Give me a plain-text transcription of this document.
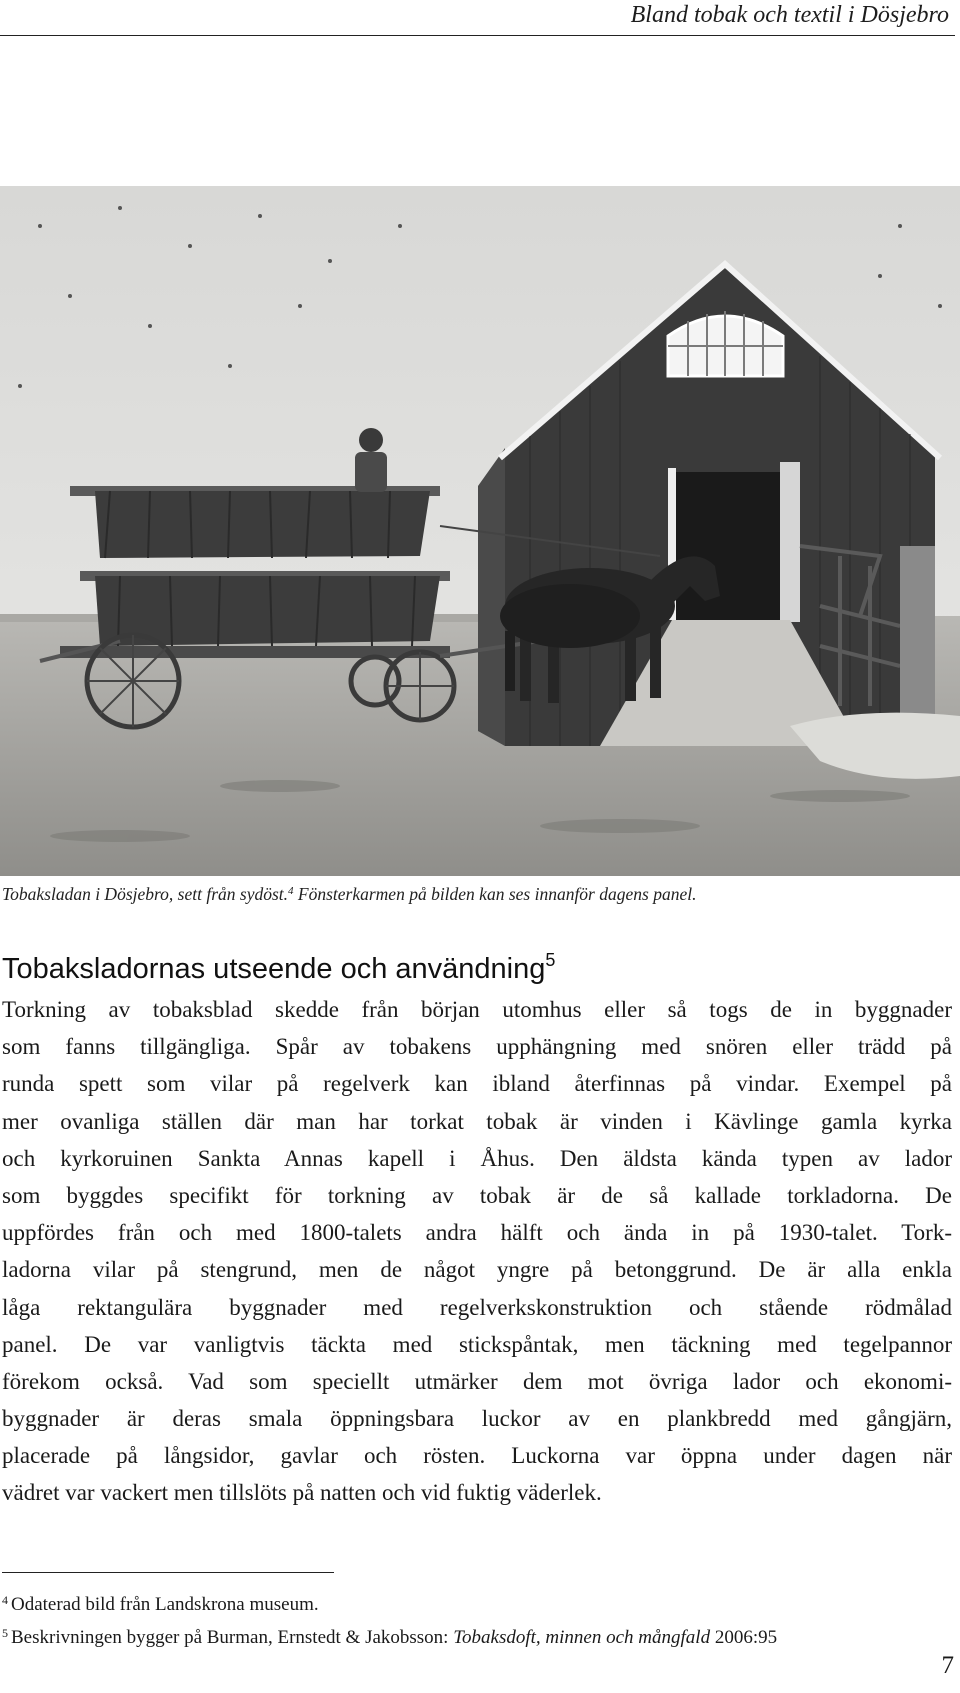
Bland tobak och textil i Dösjebro
Tobaksladan i Dösjebro, sett från sydöst.$^4$ Fönsterkarmen på bilden kan ses innanför dagens panel.
Tobaksladornas utseende och användning$^5$
Torkning av tobaksblad skedde från början utomhus eller så togs de in byggnader
som fanns tillgängliga. Spår av tobakens upphängning med snören eller trädd på
runda spett som vilar på regelverk kan ibland återfinnas på vindar. Exempel på
mer ovanliga ställen där man har torkat tobak är vinden i Kävlinge gamla kyrka
och kyrkoruinen Sankta Annas kapell i Åhus. Den äldsta kända typen av lador
som byggdes specifikt för torkning av tobak är de så kallade torkladorna. De
uppfördes från och med 1800-talets andra hälft och ända in på 1930-talet. Tork-
ladorna vilar på stengrund, men de något yngre på betonggrund. De är alla enkla
låga rektangulära byggnader med regelverkskonstruktion och stående rödmålad
panel. De var vanligtvis täckta med stickspåntak, men täckning med tegelpannor
förekom också. Vad som speciellt utmärker dem mot övriga lador och ekonomi-
byggnader är deras smala öppningsbara luckor av en plankbredd med gångjärn,
placerade på långsidor, gavlar och rösten. Luckorna var öppna under dagen när
vädret var vackert men tillslöts på natten och vid fuktig väderlek.
$^4$ Odaterad bild från Landskrona museum.
$^5$ Beskrivningen bygger på Burman, Ernstedt & Jakobsson: Tobaksdoft, minnen och mångfald 2006:95
7
